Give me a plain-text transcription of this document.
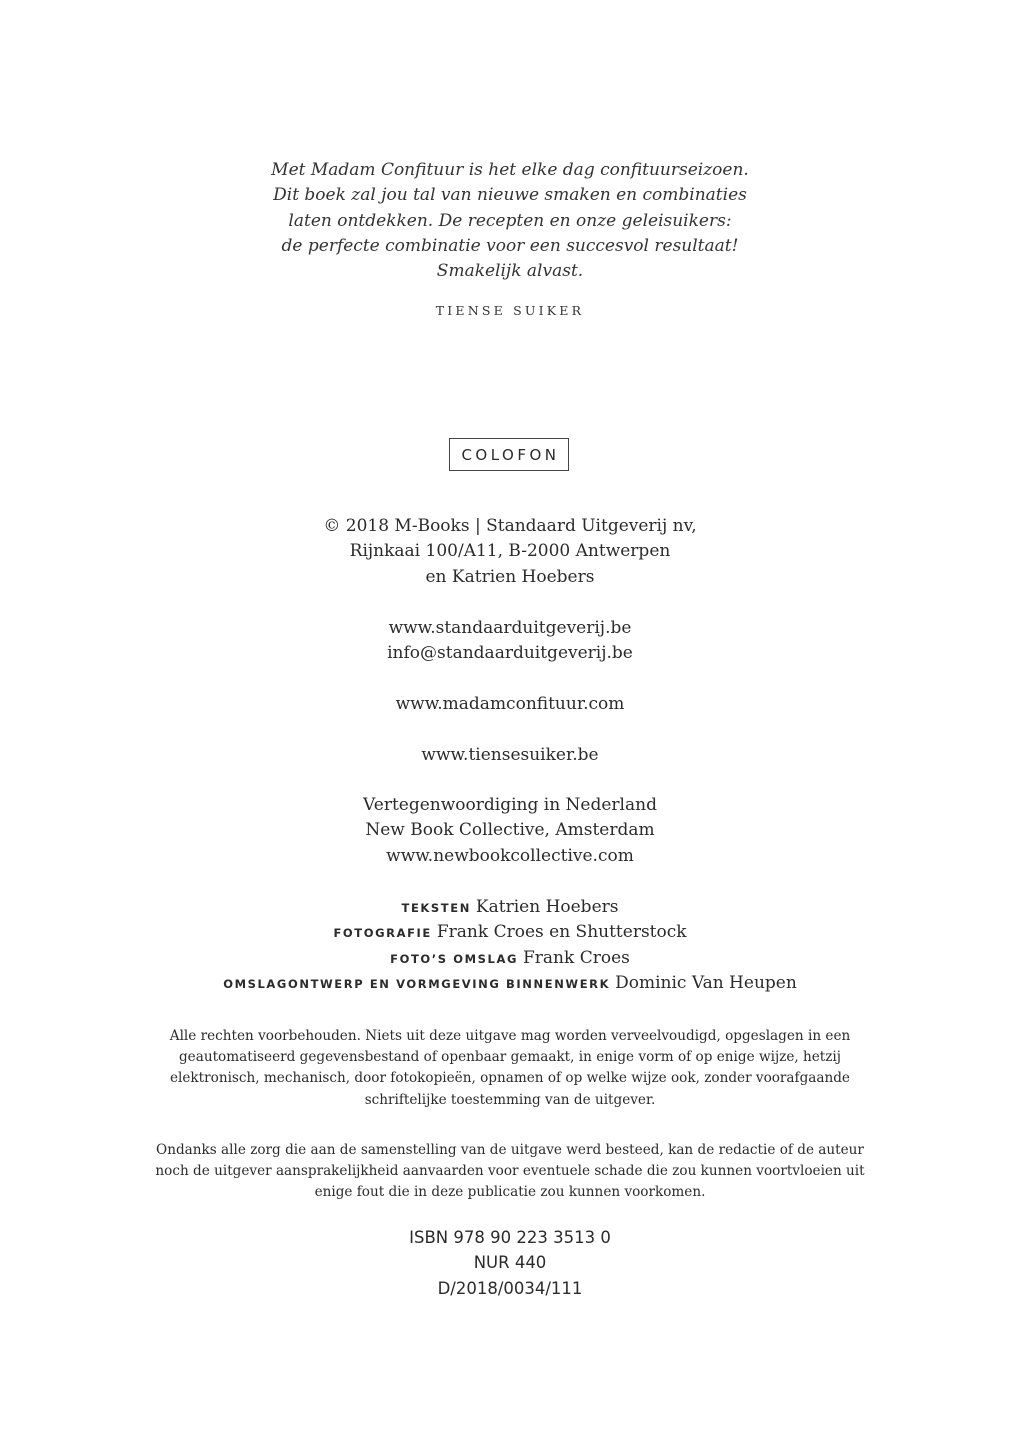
Met Madam Confituur is het elke dag confituurseizoen.

Dit boek zal jou tal van nieuwe smaken en combinaties

laten ontdekken. De recepten en onze geleisuikers:

de perfecte combinatie voor een succesvol resultaat!

Smakelijk alvast.

TIENSE SUIKER
COLOFON

© 2018 M-Books | Standaard Uitgeverij nv,

Rijnkaai 100/A11, B-2000 Antwerpen

en Katrien Hoebers

www.standaarduitgeverij.be

info@standaarduitgeverij.be

www.madamconfituur.com

www.tiensesuiker.be

Vertegenwoordiging in Nederland

New Book Collective, Amsterdam

www.newbookcollective.com

TEKSTEN Katrien Hoebers
FOTOGRAFIE Frank Croes en Shutterstock
FOTO’S OMSLAG Frank Croes
OMSLAGONTWERP EN VORMGEVING BINNENWERK Dominic Van Heupen

Alle rechten voorbehouden. Niets uit deze uitgave mag worden verveelvoudigd, opgeslagen in een

geautomatiseerd gegevensbestand of openbaar gemaakt, in enige vorm of op enige wijze, hetzij

elektronisch, mechanisch, door fotokopieën, opnamen of op welke wijze ook, zonder voorafgaande

schriftelijke toestemming van de uitgever.

Ondanks alle zorg die aan de samenstelling van de uitgave werd besteed, kan de redactie of de auteur

noch de uitgever aansprakelijkheid aanvaarden voor eventuele schade die zou kunnen voortvloeien uit

enige fout die in deze publicatie zou kunnen voorkomen.

ISBN 978 90 223 3513 0

NUR 440

D/2018/0034/111
